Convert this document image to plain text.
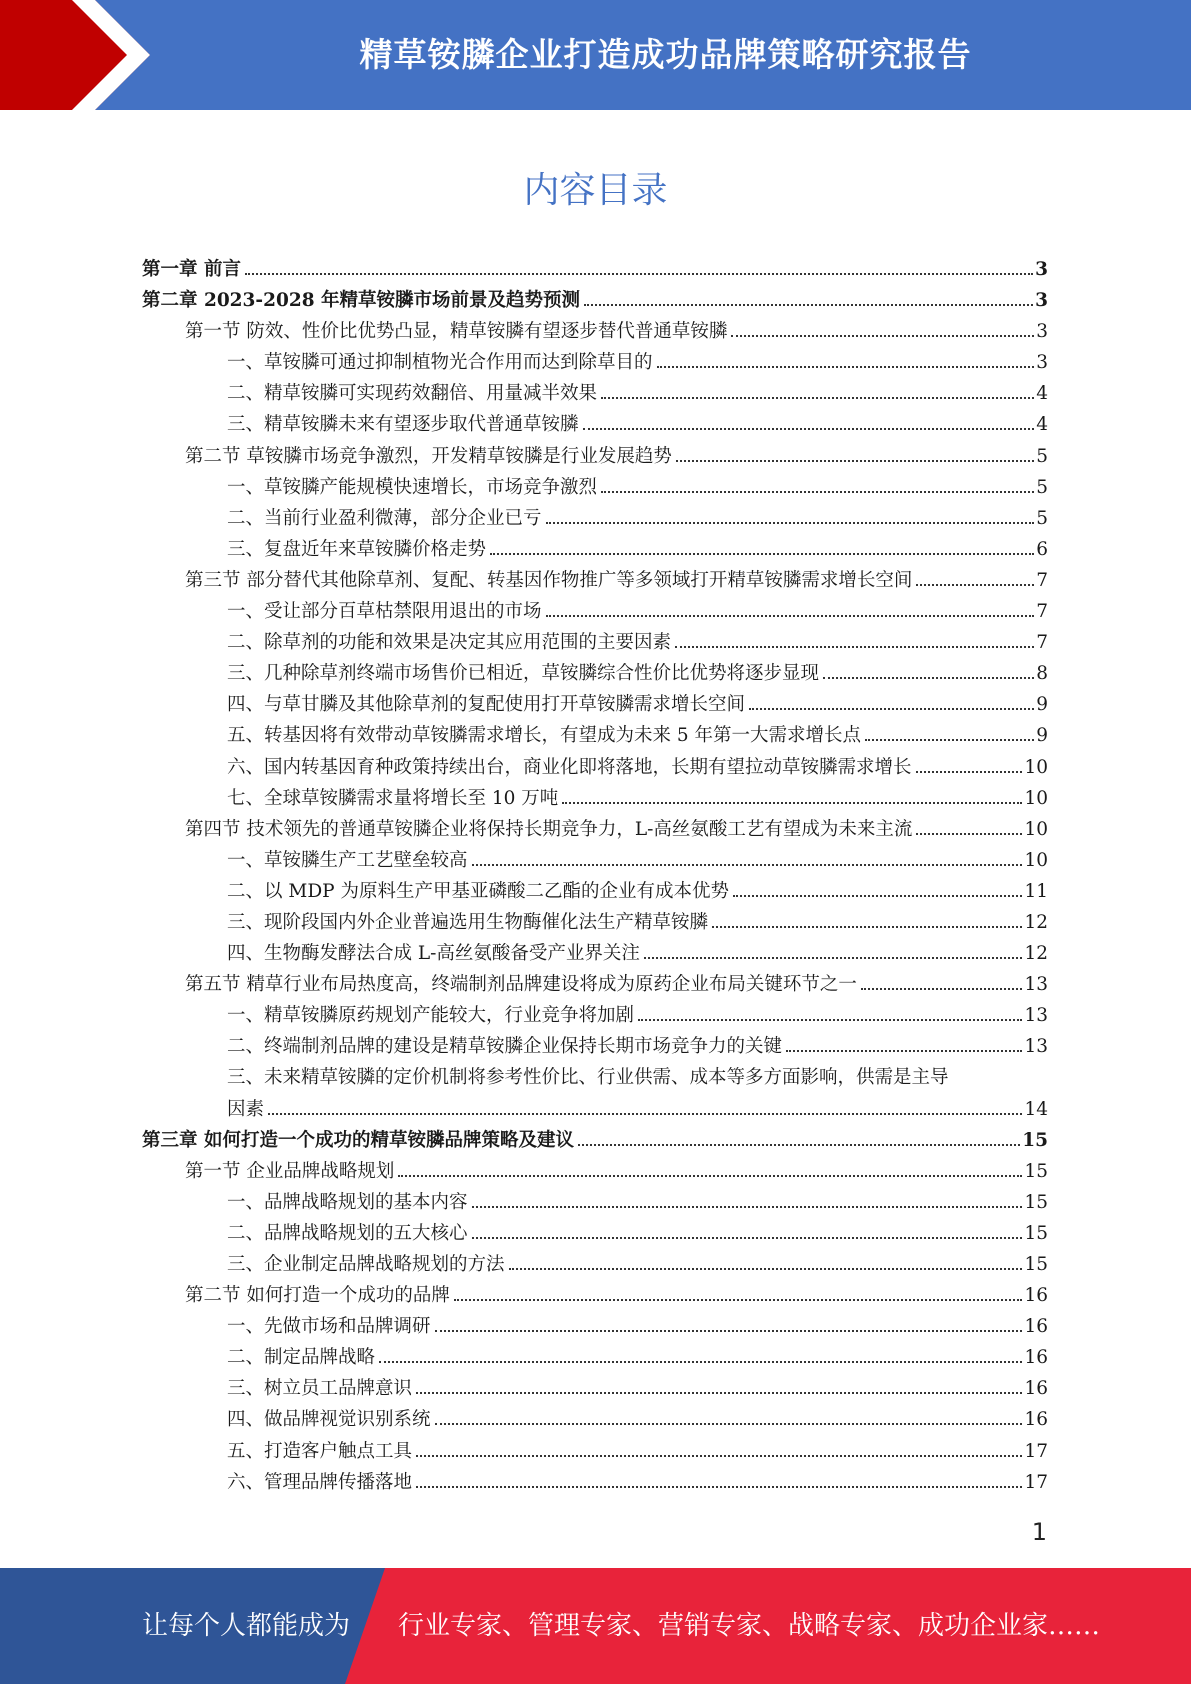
精草铵膦企业打造成功品牌策略研究报告
内容目录
第一章 前言	3
第二章 2023-2028 年精草铵膦市场前景及趋势预测	3
第一节 防效、性价比优势凸显，精草铵膦有望逐步替代普通草铵膦	3
一、草铵膦可通过抑制植物光合作用而达到除草目的	3
二、精草铵膦可实现药效翻倍、用量减半效果	4
三、精草铵膦未来有望逐步取代普通草铵膦	4
第二节 草铵膦市场竞争激烈，开发精草铵膦是行业发展趋势	5
一、草铵膦产能规模快速增长，市场竞争激烈	5
二、当前行业盈利微薄，部分企业已亏	5
三、复盘近年来草铵膦价格走势	6
第三节 部分替代其他除草剂、复配、转基因作物推广等多领域打开精草铵膦需求增长空间	7
一、受让部分百草枯禁限用退出的市场	7
二、除草剂的功能和效果是决定其应用范围的主要因素	7
三、几种除草剂终端市场售价已相近，草铵膦综合性价比优势将逐步显现	8
四、与草甘膦及其他除草剂的复配使用打开草铵膦需求增长空间	9
五、转基因将有效带动草铵膦需求增长，有望成为未来 5 年第一大需求增长点	9
六、国内转基因育种政策持续出台，商业化即将落地，长期有望拉动草铵膦需求增长	10
七、全球草铵膦需求量将增长至 10 万吨	10
第四节 技术领先的普通草铵膦企业将保持长期竞争力，L-高丝氨酸工艺有望成为未来主流	10
一、草铵膦生产工艺壁垒较高	10
二、以 MDP 为原料生产甲基亚磷酸二乙酯的企业有成本优势	11
三、现阶段国内外企业普遍选用生物酶催化法生产精草铵膦	12
四、生物酶发酵法合成 L-高丝氨酸备受产业界关注	12
第五节 精草行业布局热度高，终端制剂品牌建设将成为原药企业布局关键环节之一	13
一、精草铵膦原药规划产能较大，行业竞争将加剧	13
二、终端制剂品牌的建设是精草铵膦企业保持长期市场竞争力的关键	13
三、未来精草铵膦的定价机制将参考性价比、行业供需、成本等多方面影响，供需是主导
因素	14
第三章 如何打造一个成功的精草铵膦品牌策略及建议	15
第一节 企业品牌战略规划	15
一、品牌战略规划的基本内容	15
二、品牌战略规划的五大核心	15
三、企业制定品牌战略规划的方法	15
第二节 如何打造一个成功的品牌	16
一、先做市场和品牌调研	16
二、制定品牌战略	16
三、树立员工品牌意识	16
四、做品牌视觉识别系统	16
五、打造客户触点工具	17
六、管理品牌传播落地	17
1
让每个人都能成为 行业专家、管理专家、营销专家、战略专家、成功企业家……
